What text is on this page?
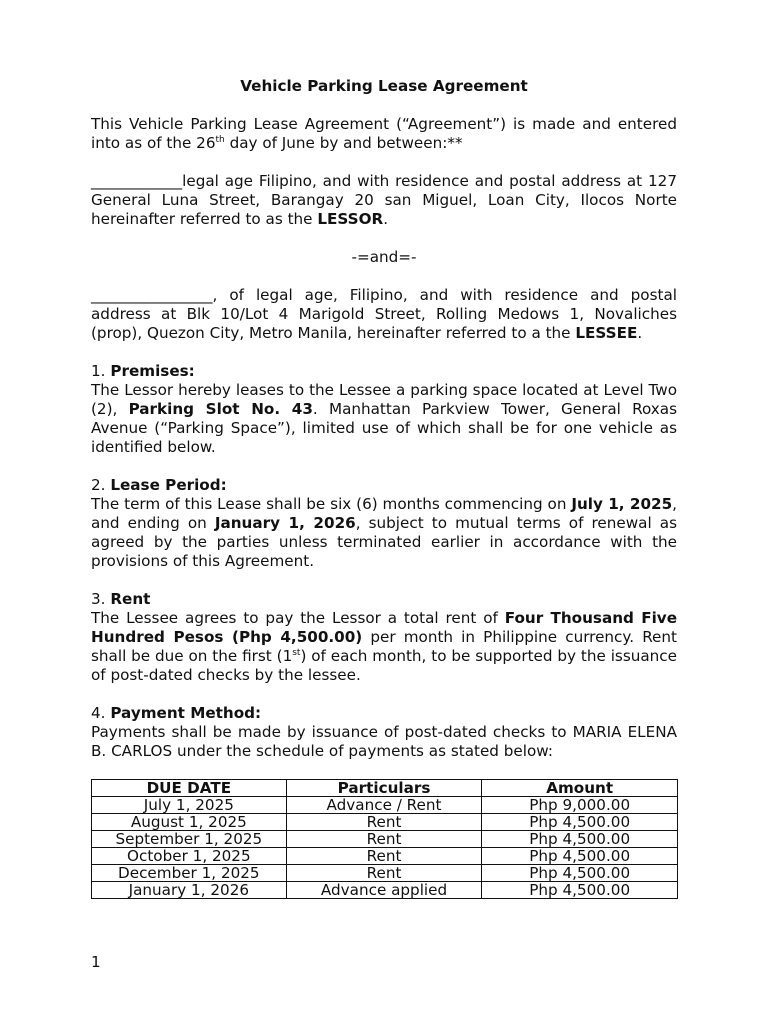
Vehicle Parking Lease Agreement

This Vehicle Parking Lease Agreement (“Agreement”) is made and entered into as of the 26th day of June by and between:**

____________legal age Filipino, and with residence and postal address at 127 General Luna Street, Barangay 20 san Miguel, Loan City, Ilocos Norte hereinafter referred to as the LESSOR.

-=and=-

________________, of legal age, Filipino, and with residence and postal address at Blk 10/Lot 4 Marigold Street, Rolling Medows 1, Novaliches (prop), Quezon City, Metro Manila, hereinafter referred to a the LESSEE.

1. Premises:

The Lessor hereby leases to the Lessee a parking space located at Level Two (2), Parking Slot No. 43. Manhattan Parkview Tower, General Roxas Avenue (“Parking Space”), limited use of which shall be for one vehicle as identified below.

2. Lease Period:

The term of this Lease shall be six (6) months commencing on July 1, 2025, and ending on January 1, 2026, subject to mutual terms of renewal as agreed by the parties unless terminated earlier in accordance with the provisions of this Agreement.

3. Rent

The Lessee agrees to pay the Lessor a total rent of Four Thousand Five Hundred Pesos (Php 4,500.00) per month in Philippine currency. Rent shall be due on the first (1st) of each month, to be supported by the issuance of post-dated checks by the lessee.

4. Payment Method:

Payments shall be made by issuance of post-dated checks to MARIA ELENA B. CARLOS under the schedule of payments as stated below:

DUE DATE	Particulars	Amount
July 1, 2025	Advance / Rent	Php 9,000.00
August 1, 2025	Rent	Php 4,500.00
September 1, 2025	Rent	Php 4,500.00
October 1, 2025	Rent	Php 4,500.00
December 1, 2025	Rent	Php 4,500.00
January 1, 2026	Advance applied	Php 4,500.00
1
